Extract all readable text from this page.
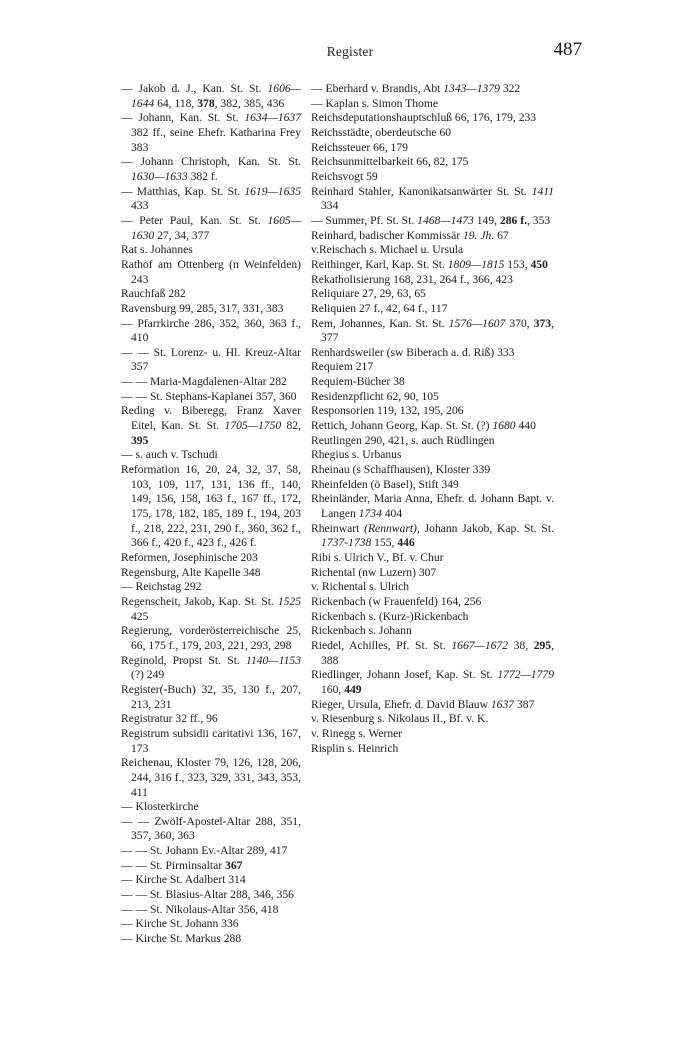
Register	487

— Jakob d. J., Kan. St. St. 1606—1644 64, 118, 378, 382, 385, 436

— Johann, Kan. St. St. 1634—1637 382 ff., seine Ehefr. Katharina Frey 383

— Johann Christoph, Kan. St. St. 1630—1633 382 f.

— Matthias, Kap. St. St. 1619—1635 433

— Peter Paul, Kan. St. St. 1605—1630 27, 34, 377

Rat s. Johannes

Rathof am Ottenberg (n Weinfelden) 243

Rauchfaß 282

Ravensburg 99, 285, 317, 331, 383

— Pfarrkirche 286, 352, 360, 363 f., 410

— — St. Lorenz- u. Hl. Kreuz-Altar 357

— — Maria-Magdalenen-Altar 282

— — St. Stephans-Kaplanei 357, 360

Reding v. Biberegg, Franz Xaver Eitel, Kan. St. St. 1705—1750 82, 395

— s. auch v. Tschudi

Reformation 16, 20, 24, 32, 37, 58, 103, 109, 117, 131, 136 ff., 140, 149, 156, 158, 163 f., 167 ff., 172, 175, 178, 182, 185, 189 f., 194, 203 f., 218, 222, 231, 290 f., 360, 362 f., 366 f., 420 f., 423 f., 426 f.

Reformen, Josephinische 203

Regensburg, Alte Kapelle 348

— Reichstag 292

Regenscheit, Jakob, Kap. St. St. 1525 425

Regierung, vorderösterreichische 25, 66, 175 f., 179, 203, 221, 293, 298

Reginold, Propst St. St. 1140—1153 (?) 249

Register(-Buch) 32, 35, 130 f., 207, 213, 231

Registratur 32 ff., 96

Registrum subsidii caritativi 136, 167, 173

Reichenau, Kloster 79, 126, 128, 206, 244, 316 f., 323, 329, 331, 343, 353, 411

— Klosterkirche

— — Zwölf-Apostel-Altar 288, 351, 357, 360, 363

— — St. Johann Ev.-Altar 289, 417

— — St. Pirminsaltar 367

— Kirche St. Adalbert 314

— — St. Blasius-Altar 288, 346, 356

— — St. Nikolaus-Altar 356, 418

— Kirche St. Johann 336

— Kirche St. Markus 288

— Eberhard v. Brandis, Abt 1343—1379 322

— Kaplan s. Simon Thome

Reichsdeputationshauptschluß 66, 176, 179, 233

Reichsstädte, oberdeutsche 60

Reichssteuer 66, 179

Reichsunmittelbarkeit 66, 82, 175

Reichsvogt 59

Reinhard Stahler, Kanonikatsanwärter St. St. 1411 334

— Summer, Pf. St. St. 1468—1473 149, 286 f., 353

Reinhard, badischer Kommissär 19. Jh. 67

v.Reischach s. Michael u. Ursula

Reithinger, Karl, Kap. St. St. 1809—1815 153, 450

Rekatholisierung 168, 231, 264 f., 366, 423

Reliquiare 27, 29, 63, 65

Reliquien 27 f., 42, 64 f., 117

Rem, Johannes, Kan. St. St. 1576—1607 370, 373, 377

Renhardsweiler (sw Biberach a. d. Riß) 333

Requiem 217

Requiem-Bücher 38

Residenzpflicht 62, 90, 105

Responsorien 119, 132, 195, 206

Rettich, Johann Georg, Kap. St. St. (?) 1680 440

Reutlingen 290, 421, s. auch Rüdlingen

Rhegius s. Urbanus

Rheinau (s Schaffhausen), Kloster 339

Rheinfelden (ö Basel), Stift 349

Rheinländer, Maria Anna, Ehefr. d. Johann Bapt. v. Langen 1734 404

Rheinwart (Rennwart), Johann Jakob, Kap. St. St. 1737-1738 155, 446

Ribi s. Ulrich V., Bf. v. Chur

Richental (nw Luzern) 307

v. Richental s. Ulrich

Rickenbach (w Frauenfeld) 164, 256

Rickenbach s. (Kurz-)Rickenbach

Rickenbach s. Johann

Riedel, Achilles, Pf. St. St. 1667—1672 38, 295, 388

Riedlinger, Johann Josef, Kap. St. St. 1772—1779 160, 449

Rieger, Ursula, Ehefr. d. David Blauw 1637 387

v. Riesenburg s. Nikolaus II., Bf. v. K.

v. Rinegg s. Werner

Risplin s. Heinrich
